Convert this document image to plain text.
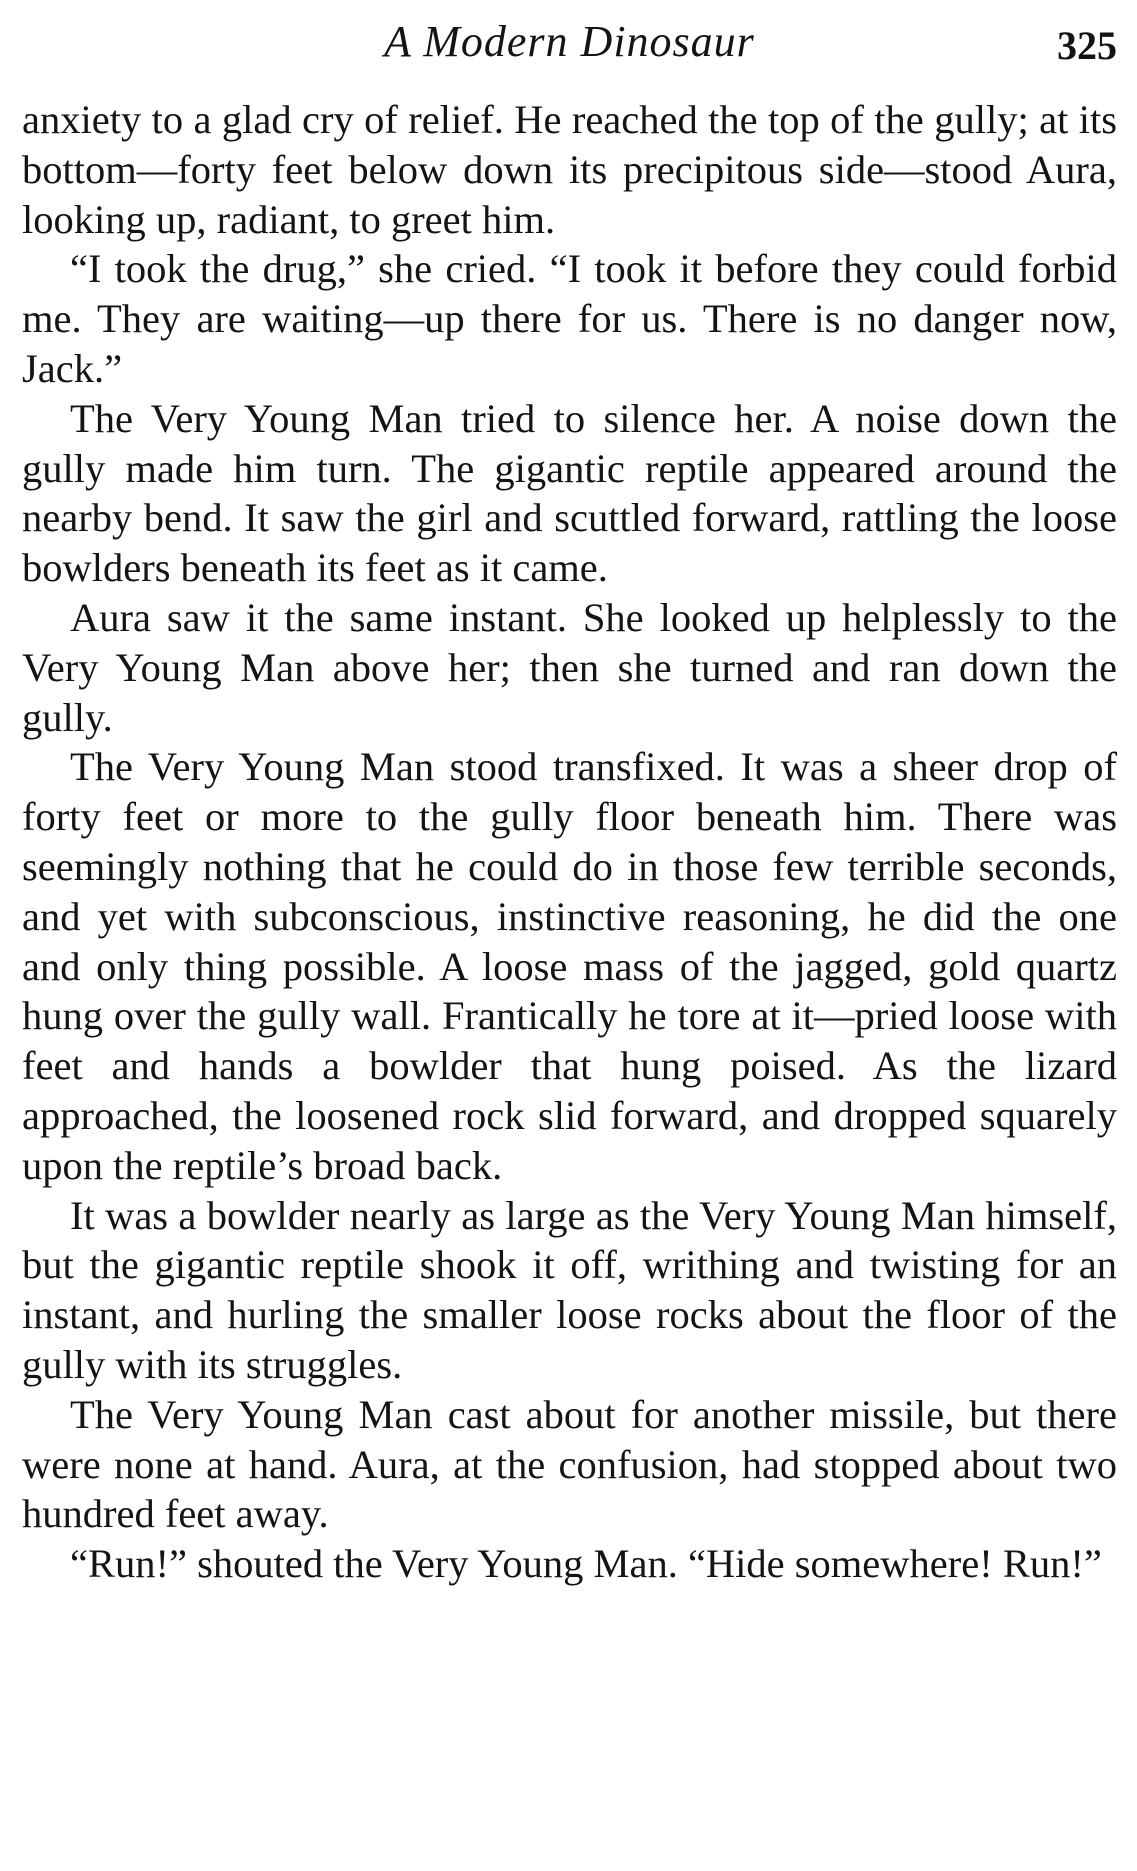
A Modern Dinosaur	325

anxiety to a glad cry of relief. He reached the top of the gully; at its bottom—forty feet below down its precipitous side—stood Aura, looking up, radiant, to greet him.

“I took the drug,” she cried. “I took it before they could forbid me. They are waiting—up there for us. There is no danger now, Jack.”

The Very Young Man tried to silence her. A noise down the gully made him turn. The gigantic reptile appeared around the nearby bend. It saw the girl and scuttled forward, rattling the loose bowlders beneath its feet as it came.

Aura saw it the same instant. She looked up helplessly to the Very Young Man above her; then she turned and ran down the gully.

The Very Young Man stood transfixed. It was a sheer drop of forty feet or more to the gully floor beneath him. There was seemingly nothing that he could do in those few terrible seconds, and yet with subconscious, instinctive reasoning, he did the one and only thing possible. A loose mass of the jagged, gold quartz hung over the gully wall. Frantically he tore at it—pried loose with feet and hands a bowlder that hung poised. As the lizard approached, the loosened rock slid forward, and dropped squarely upon the reptile’s broad back.

It was a bowlder nearly as large as the Very Young Man himself, but the gigantic reptile shook it off, writhing and twisting for an instant, and hurling the smaller loose rocks about the floor of the gully with its struggles.

The Very Young Man cast about for another missile, but there were none at hand. Aura, at the confusion, had stopped about two hundred feet away.

“Run!” shouted the Very Young Man. “Hide somewhere! Run!”
